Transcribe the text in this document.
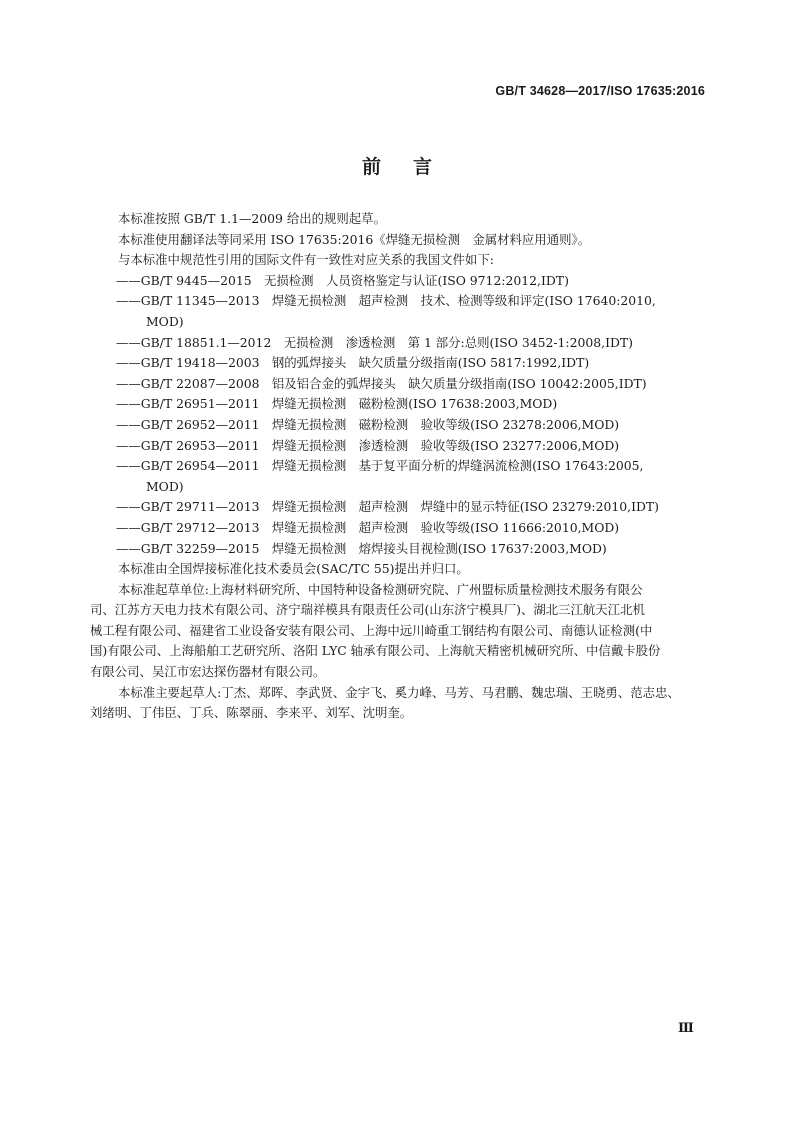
GB/T 34628—2017/ISO 17635:2016
前言

本标准按照 GB/T 1.1—2009 给出的规则起草。

本标准使用翻译法等同采用 ISO 17635:2016《焊缝无损检测　金属材料应用通则》。

与本标准中规范性引用的国际文件有一致性对应关系的我国文件如下:

——GB/T 9445—2015　无损检测　人员资格鉴定与认证(ISO 9712:2012,IDT)

——GB/T 11345—2013　焊缝无损检测　超声检测　技术、检测等级和评定(ISO 17640:2010,

MOD)

——GB/T 18851.1—2012　无损检测　渗透检测　第 1 部分:总则(ISO 3452-1:2008,IDT)

——GB/T 19418—2003　钢的弧焊接头　缺欠质量分级指南(ISO 5817:1992,IDT)

——GB/T 22087—2008　铝及铝合金的弧焊接头　缺欠质量分级指南(ISO 10042:2005,IDT)

——GB/T 26951—2011　焊缝无损检测　磁粉检测(ISO 17638:2003,MOD)

——GB/T 26952—2011　焊缝无损检测　磁粉检测　验收等级(ISO 23278:2006,MOD)

——GB/T 26953—2011　焊缝无损检测　渗透检测　验收等级(ISO 23277:2006,MOD)

——GB/T 26954—2011　焊缝无损检测　基于复平面分析的焊缝涡流检测(ISO 17643:2005,

MOD)

——GB/T 29711—2013　焊缝无损检测　超声检测　焊缝中的显示特征(ISO 23279:2010,IDT)

——GB/T 29712—2013　焊缝无损检测　超声检测　验收等级(ISO 11666:2010,MOD)

——GB/T 32259—2015　焊缝无损检测　熔焊接头目视检测(ISO 17637:2003,MOD)

本标准由全国焊接标准化技术委员会(SAC/TC 55)提出并归口。

本标准起草单位:上海材料研究所、中国特种设备检测研究院、广州盟标质量检测技术服务有限公

司、江苏方天电力技术有限公司、济宁瑞祥模具有限责任公司(山东济宁模具厂)、湖北三江航天江北机

械工程有限公司、福建省工业设备安装有限公司、上海中远川崎重工钢结构有限公司、南德认证检测(中

国)有限公司、上海船舶工艺研究所、洛阳 LYC 轴承有限公司、上海航天精密机械研究所、中信戴卡股份

有限公司、吴江市宏达探伤器材有限公司。

本标准主要起草人:丁杰、郑晖、李武贤、金宇飞、奚力峰、马芳、马君鹏、魏忠瑞、王晓勇、范志忠、

刘绪明、丁伟臣、丁兵、陈翠丽、李来平、刘军、沈明奎。

Ⅲ
